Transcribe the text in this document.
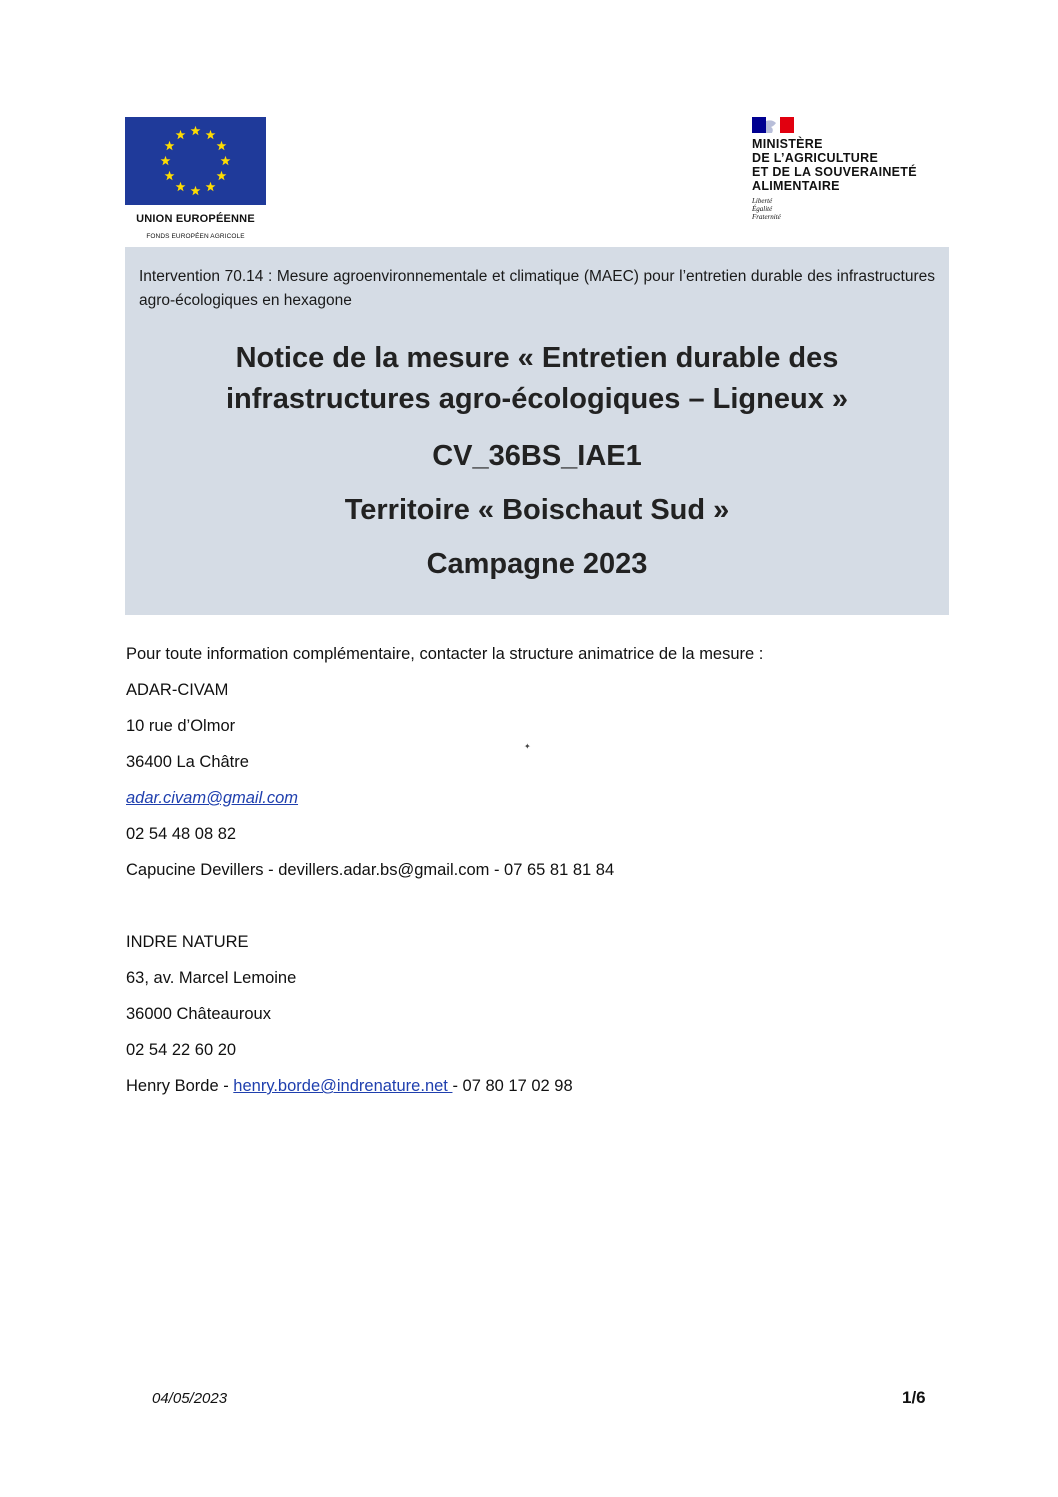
UNION EUROPÉENNE
FONDS EUROPÉEN AGRICOLE
MINISTÈRE
DE L’AGRICULTURE
ET DE LA SOUVERAINETÉ
ALIMENTAIRE
Liberté
Égalité
Fraternité
Intervention 70.14 : Mesure agroenvironnementale et climatique (MAEC) pour l’entretien durable des infrastructures agro-écologiques en hexagone
Notice de la mesure « Entretien durable des
infrastructures agro-écologiques – Ligneux »
CV_36BS_IAE1
Territoire « Boischaut Sud »
Campagne 2023
Pour toute information complémentaire, contacter la structure animatrice de la mesure :
ADAR-CIVAM
10 rue d’Olmor
36400 La Châtre
adar.civam@gmail.com
02 54 48 08 82
Capucine Devillers - devillers.adar.bs@gmail.com - 07 65 81 81 84
INDRE NATURE
63, av. Marcel Lemoine
36000 Châteauroux
02 54 22 60 20
Henry Borde - henry.borde@indrenature.net - 07 80 17 02 98
✦
04/05/2023	1/6
